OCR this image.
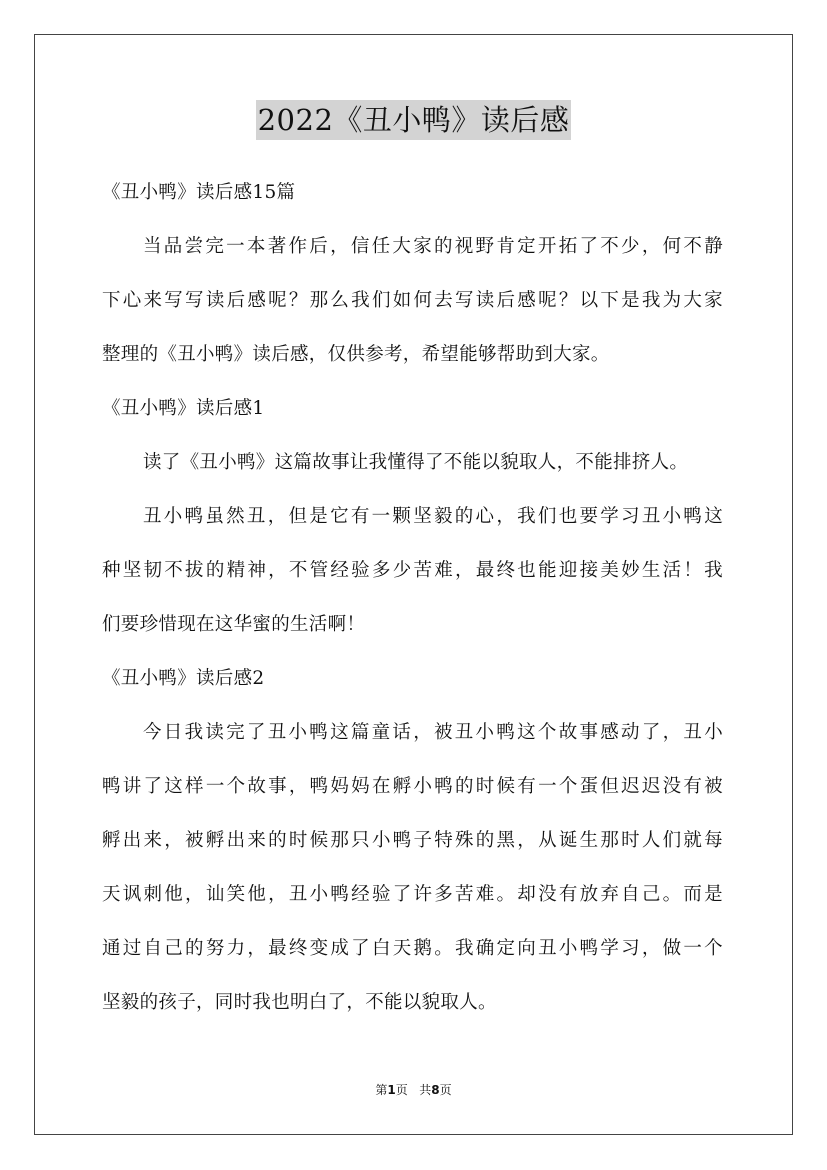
2022《丑小鸭》读后感
《丑小鸭》读后感15篇
当品尝完一本著作后，信任大家的视野肯定开拓了不少，何不静
下心来写写读后感呢？那么我们如何去写读后感呢？以下是我为大家
整理的《丑小鸭》读后感，仅供参考，希望能够帮助到大家。
《丑小鸭》读后感1
读了《丑小鸭》这篇故事让我懂得了不能以貌取人，不能排挤人。
丑小鸭虽然丑，但是它有一颗坚毅的心，我们也要学习丑小鸭这
种坚韧不拔的精神，不管经验多少苦难，最终也能迎接美妙生活！我
们要珍惜现在这华蜜的生活啊！
《丑小鸭》读后感2
今日我读完了丑小鸭这篇童话，被丑小鸭这个故事感动了，丑小
鸭讲了这样一个故事，鸭妈妈在孵小鸭的时候有一个蛋但迟迟没有被
孵出来，被孵出来的时候那只小鸭子特殊的黑，从诞生那时人们就每
天讽刺他，讪笑他，丑小鸭经验了许多苦难。却没有放弃自己。而是
通过自己的努力，最终变成了白天鹅。我确定向丑小鸭学习，做一个
坚毅的孩子，同时我也明白了，不能以貌取人。
第1页 共8页
